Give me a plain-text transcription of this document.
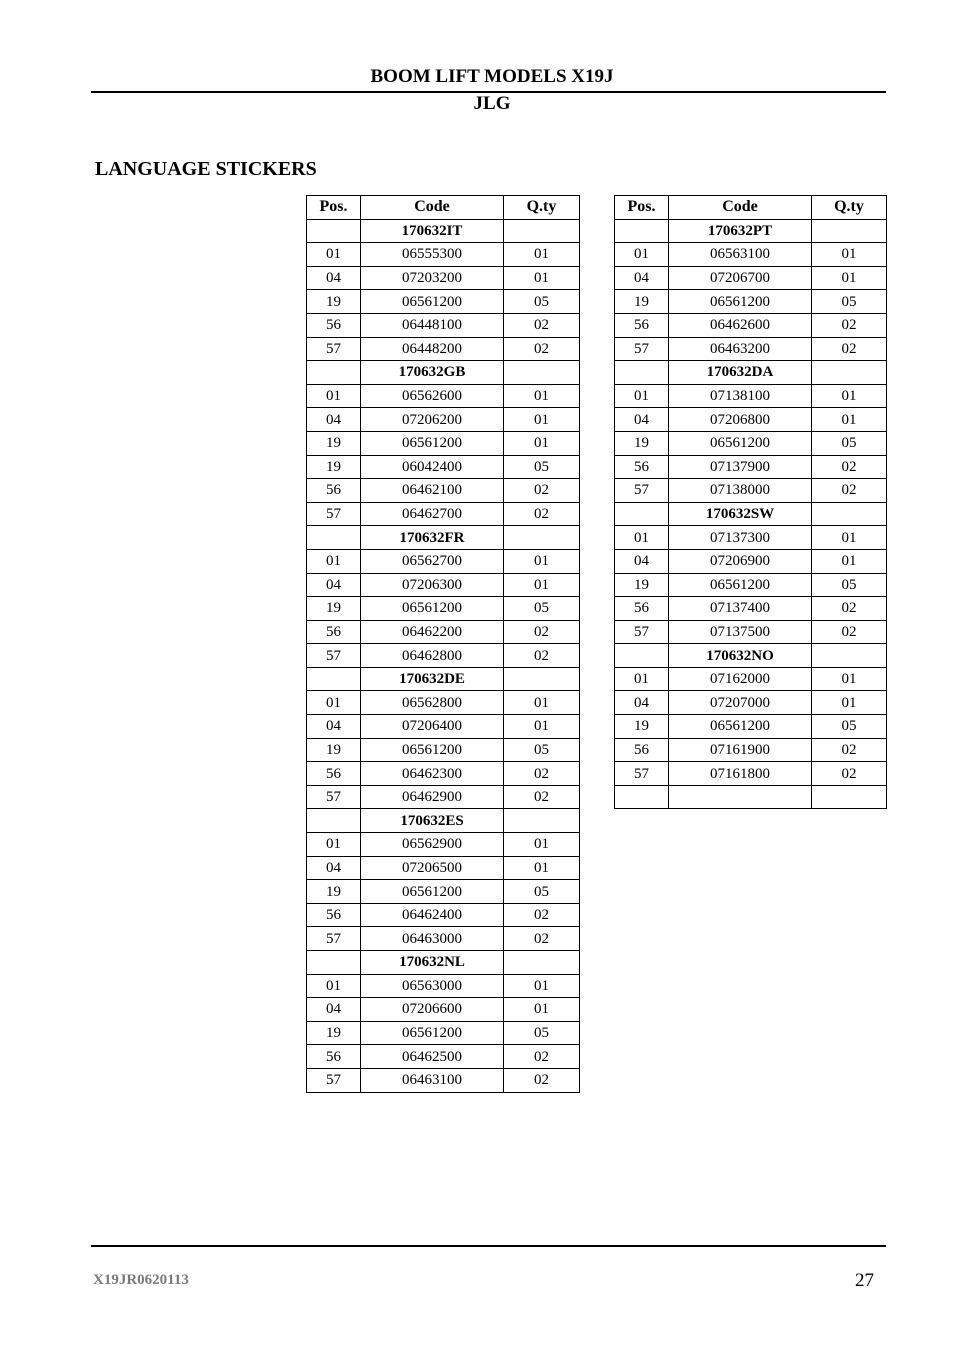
BOOM LIFT MODELS X19J
JLG
LANGUAGE STICKERS
Pos.	Code	Q.ty
	170632IT	
01	06555300	01
04	07203200	01
19	06561200	05
56	06448100	02
57	06448200	02
	170632GB	
01	06562600	01
04	07206200	01
19	06561200	01
19	06042400	05
56	06462100	02
57	06462700	02
	170632FR	
01	06562700	01
04	07206300	01
19	06561200	05
56	06462200	02
57	06462800	02
	170632DE	
01	06562800	01
04	07206400	01
19	06561200	05
56	06462300	02
57	06462900	02
	170632ES	
01	06562900	01
04	07206500	01
19	06561200	05
56	06462400	02
57	06463000	02
	170632NL	
01	06563000	01
04	07206600	01
19	06561200	05
56	06462500	02
57	06463100	02
Pos.	Code	Q.ty
	170632PT	
01	06563100	01
04	07206700	01
19	06561200	05
56	06462600	02
57	06463200	02
	170632DA	
01	07138100	01
04	07206800	01
19	06561200	05
56	07137900	02
57	07138000	02
	170632SW	
01	07137300	01
04	07206900	01
19	06561200	05
56	07137400	02
57	07137500	02
	170632NO	
01	07162000	01
04	07207000	01
19	06561200	05
56	07161900	02
57	07161800	02

X19JR0620113	27
